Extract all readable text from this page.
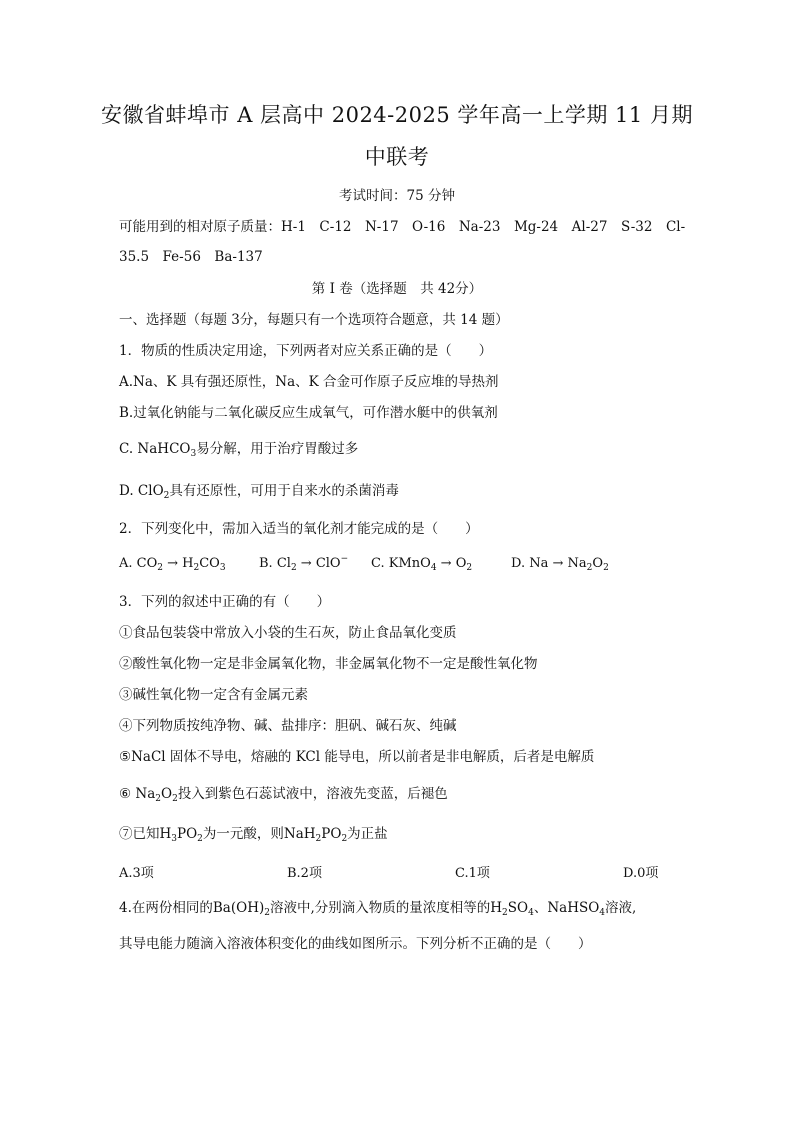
安徽省蚌埠市 A 层高中 2024-2025 学年高一上学期 11 月期
中联考
考试时间：75 分钟
可能用到的相对原子质量：H-1　C-12　N-17　O-16　Na-23　Mg-24　Al-27　S-32　Cl-
35.5　Fe-56　Ba-137
第 I 卷（选择题　共 42分）
一、选择题（每题 3分，每题只有一个选项符合题意，共 14 题）
1．物质的性质决定用途，下列两者对应关系正确的是（　　）
A.Na、K 具有强还原性，Na、K 合金可作原子反应堆的导热剂
B.过氧化钠能与二氧化碳反应生成氧气，可作潜水艇中的供氧剂
C. NaHCO$_3$易分解，用于治疗胃酸过多
D. ClO$_2$具有还原性，可用于自来水的杀菌消毒
2．下列变化中，需加入适当的氧化剂才能完成的是（　　）
A. $CO_2 \to H_2CO_3$	B. $Cl_2 \to ClO^-$ C. KMnO$_4$ → $O_2$	D. $Na \to Na_2O_2$
3．下列的叙述中正确的有（　　）
①食品包装袋中常放入小袋的生石灰，防止食品氧化变质
②酸性氧化物一定是非金属氧化物，非金属氧化物不一定是酸性氧化物
③碱性氧化物一定含有金属元素
④下列物质按纯净物、碱、盐排序：胆矾、碱石灰、纯碱
⑤NaCl 固体不导电，熔融的 KCl 能导电，所以前者是非电解质，后者是电解质
⑥ $Na_2O_2$投入到紫色石蕊试液中，溶液先变蓝，后褪色
⑦已知$H_3PO_2$为一元酸，则$NaH_2PO_2$为正盐
A.3项	B.2项	C.1项	D.0项
4.在两份相同的$Ba(OH)_2$溶液中,分别滴入物质的量浓度相等的$H_2SO_4$、NaHSO$_4$溶液,
其导电能力随滴入溶液体积变化的曲线如图所示。下列分析不正确的是（　　）
